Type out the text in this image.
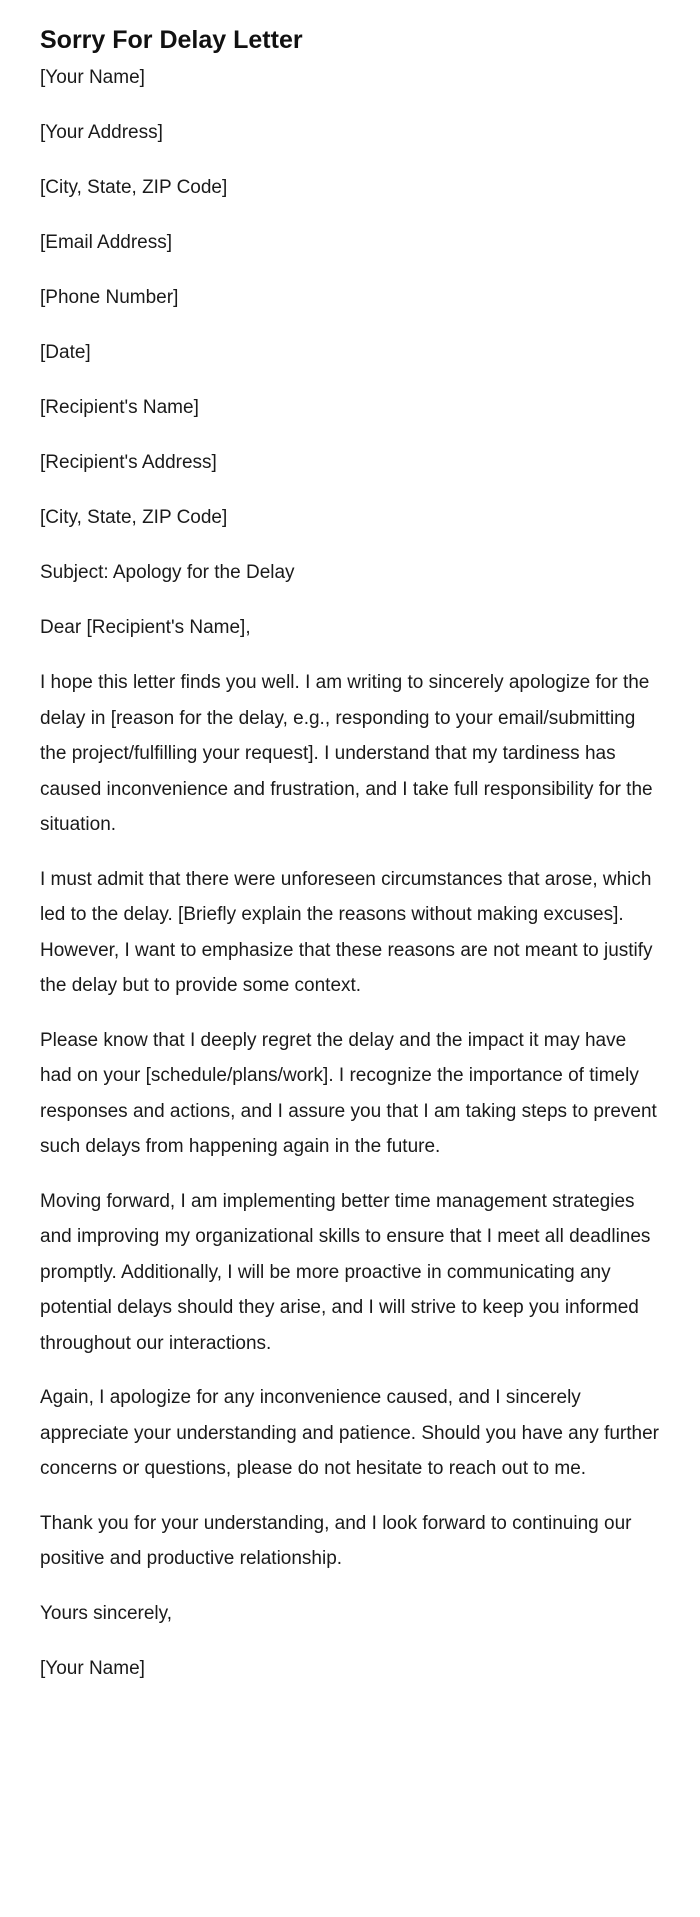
Sorry For Delay Letter
[Your Name]
[Your Address]
[City, State, ZIP Code]
[Email Address]
[Phone Number]
[Date]
[Recipient's Name]
[Recipient's Address]
[City, State, ZIP Code]
Subject: Apology for the Delay
Dear [Recipient's Name],

I hope this letter finds you well. I am writing to sincerely apologize for the delay in [reason for the delay, e.g., responding to your email/submitting the project/fulfilling your request]. I understand that my tardiness has caused inconvenience and frustration, and I take full responsibility for the situation.

I must admit that there were unforeseen circumstances that arose, which led to the delay. [Briefly explain the reasons without making excuses]. However, I want to emphasize that these reasons are not meant to justify the delay but to provide some context.

Please know that I deeply regret the delay and the impact it may have had on your [schedule/plans/work]. I recognize the importance of timely responses and actions, and I assure you that I am taking steps to prevent such delays from happening again in the future.

Moving forward, I am implementing better time management strategies and improving my organizational skills to ensure that I meet all deadlines promptly. Additionally, I will be more proactive in communicating any potential delays should they arise, and I will strive to keep you informed throughout our interactions.

Again, I apologize for any inconvenience caused, and I sincerely appreciate your understanding and patience. Should you have any further concerns or questions, please do not hesitate to reach out to me.

Thank you for your understanding, and I look forward to continuing our positive and productive relationship.

Yours sincerely,
[Your Name]
